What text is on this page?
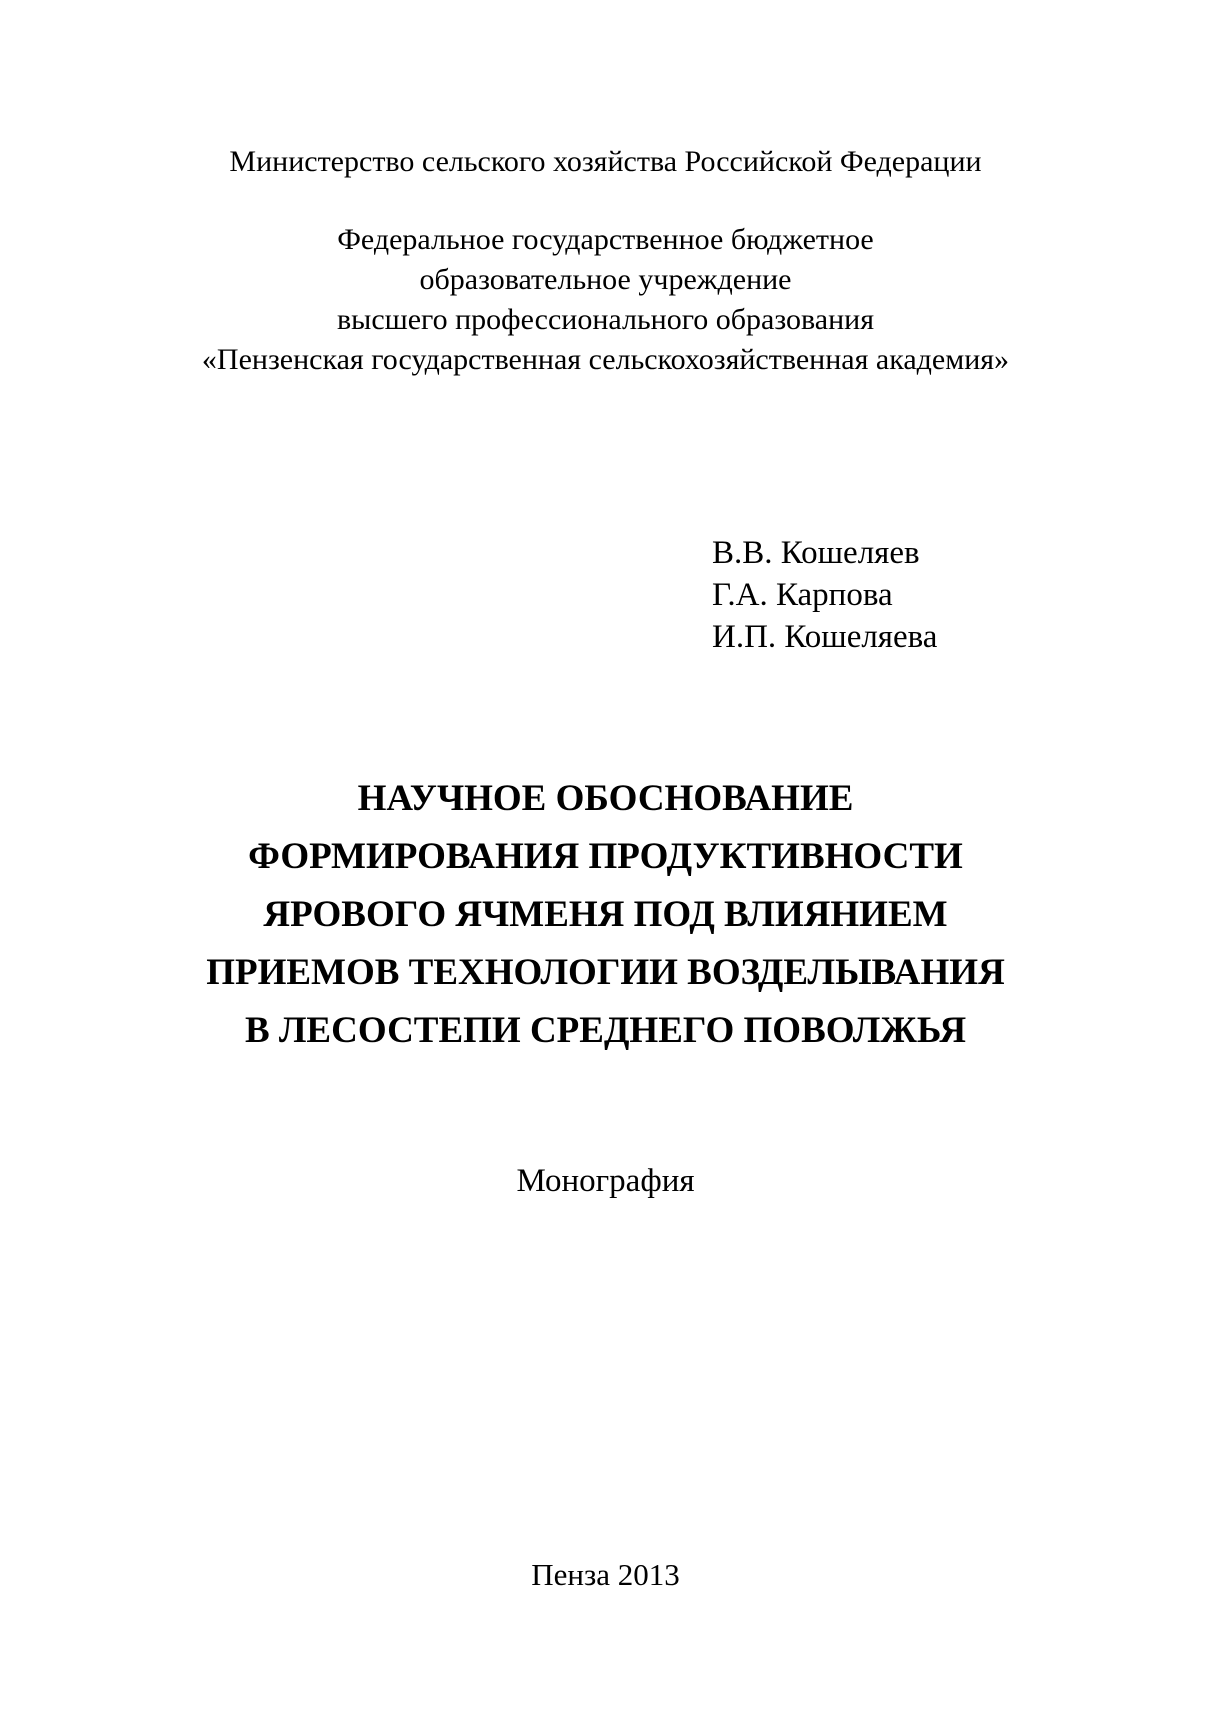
Министерство сельского хозяйства Российской Федерации
Федеральное государственное бюджетное
образовательное учреждение
высшего профессионального образования
«Пензенская государственная сельскохозяйственная академия»
В.В. Кошеляев
Г.А. Карпова
И.П. Кошеляева
НАУЧНОЕ ОБОСНОВАНИЕ
ФОРМИРОВАНИЯ ПРОДУКТИВНОСТИ
ЯРОВОГО ЯЧМЕНЯ ПОД ВЛИЯНИЕМ
ПРИЕМОВ ТЕХНОЛОГИИ ВОЗДЕЛЫВАНИЯ
В ЛЕСОСТЕПИ СРЕДНЕГО ПОВОЛЖЬЯ
Монография
Пенза 2013
